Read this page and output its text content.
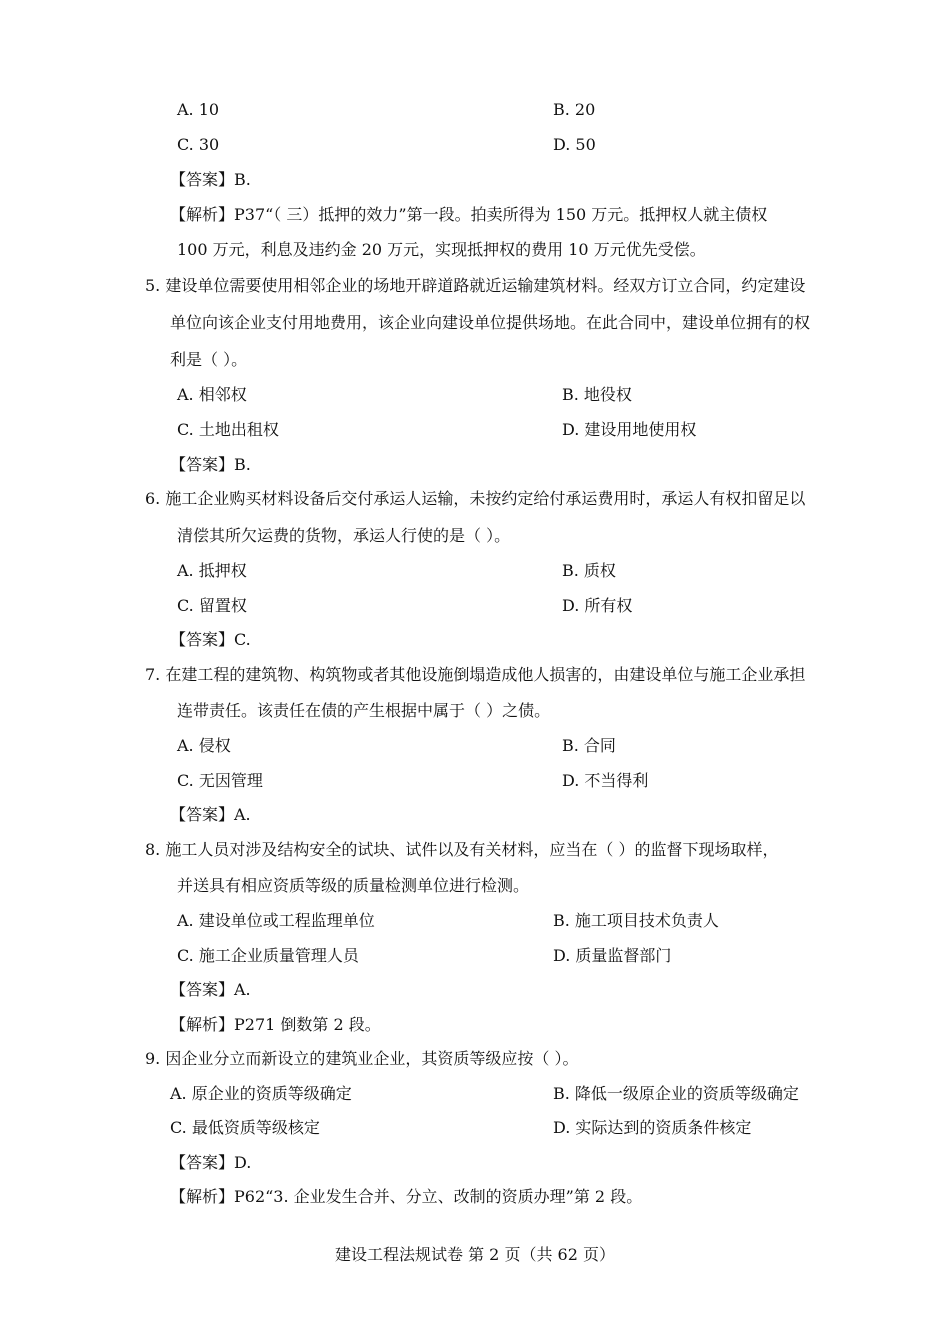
A. 10	B. 20
C. 30	D. 50
【答案】B.
【解析】P37“（ 三）抵押的效力”第一段。拍卖所得为 150 万元。抵押权人就主债权
100 万元，利息及违约金 20 万元，实现抵押权的费用 10 万元优先受偿。
5. 建设单位需要使用相邻企业的场地开辟道路就近运输建筑材料。经双方订立合同，约定建设
单位向该企业支付用地费用，该企业向建设单位提供场地。在此合同中，建设单位拥有的权
利是（ ）。
A. 相邻权	B. 地役权
C. 土地出租权	D. 建设用地使用权
【答案】B.
6. 施工企业购买材料设备后交付承运人运输，未按约定给付承运费用时，承运人有权扣留足以
清偿其所欠运费的货物，承运人行使的是（ ）。
A. 抵押权	B. 质权
C. 留置权	D. 所有权
【答案】C.
7. 在建工程的建筑物、构筑物或者其他设施倒塌造成他人损害的，由建设单位与施工企业承担
连带责任。该责任在债的产生根据中属于（ ）之债。
A. 侵权	B. 合同
C. 无因管理	D. 不当得利
【答案】A.
8. 施工人员对涉及结构安全的试块、试件以及有关材料，应当在（ ）的监督下现场取样，
并送具有相应资质等级的质量检测单位进行检测。
A. 建设单位或工程监理单位	B. 施工项目技术负责人
C. 施工企业质量管理人员	D. 质量监督部门
【答案】A.
【解析】P271 倒数第 2 段。
9. 因企业分立而新设立的建筑业企业，其资质等级应按（ ）。
A. 原企业的资质等级确定	B. 降低一级原企业的资质等级确定
C. 最低资质等级核定	D. 实际达到的资质条件核定
【答案】D.
【解析】P62“3. 企业发生合并、分立、改制的资质办理”第 2 段。
建设工程法规试卷 第 2 页（共 62 页）
